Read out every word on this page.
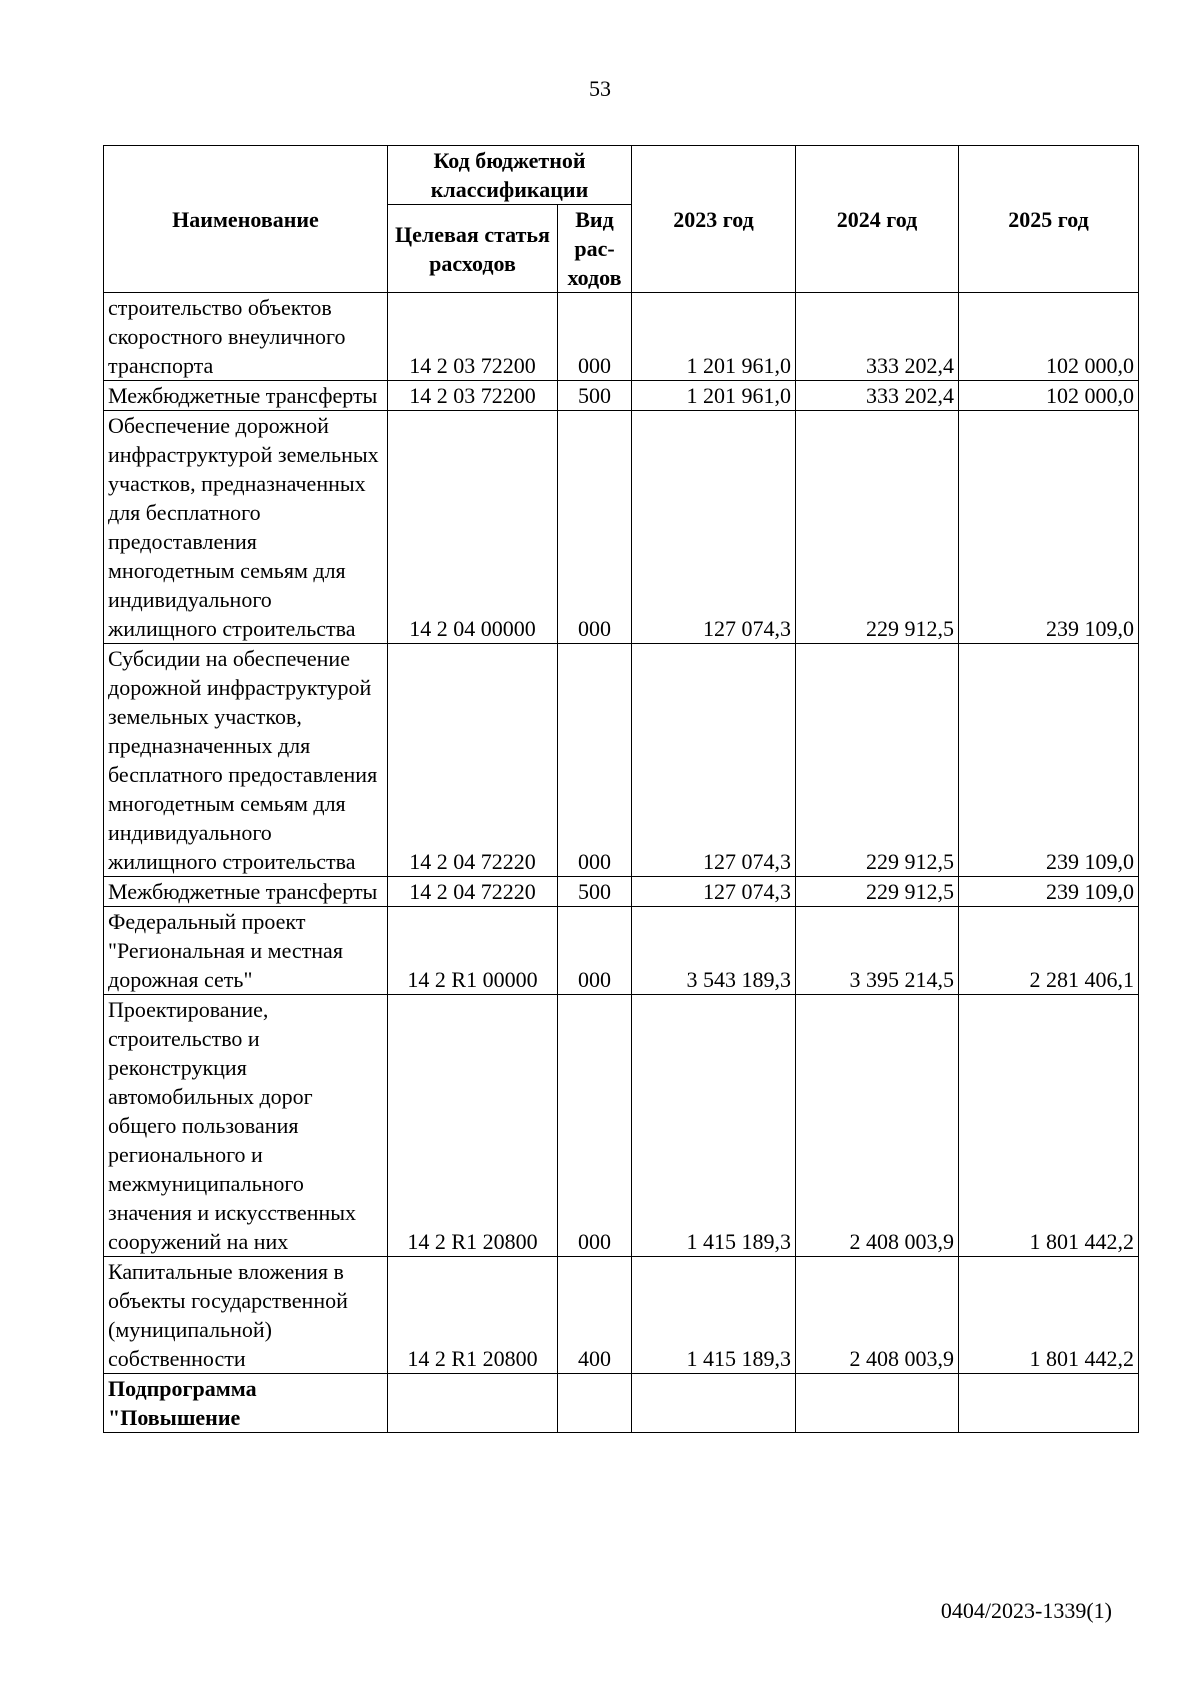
53
Наименование	Код бюджетной классификации		2023 год	2024 год	2025 год
	Целевая статья расходов	Вид рас-ходов			
строительство объектов скоростного внеуличного транспорта	14 2 03 72200	000	1 201 961,0	333 202,4	102 000,0
Межбюджетные трансферты	14 2 03 72200	500	1 201 961,0	333 202,4	102 000,0
Обеспечение дорожной инфраструктурой земельных участков, предназначенных для бесплатного предоставления многодетным семьям для индивидуального жилищного строительства	14 2 04 00000	000	127 074,3	229 912,5	239 109,0
Субсидии на обеспечение дорожной инфраструктурой земельных участков, предназначенных для бесплатного предоставления многодетным семьям для индивидуального жилищного строительства	14 2 04 72220	000	127 074,3	229 912,5	239 109,0
Межбюджетные трансферты	14 2 04 72220	500	127 074,3	229 912,5	239 109,0
Федеральный проект "Региональная и местная дорожная сеть"	14 2 R1 00000	000	3 543 189,3	3 395 214,5	2 281 406,1
Проектирование, строительство и реконструкция автомобильных дорог общего пользования регионального и межмуниципального значения и искусственных сооружений на них	14 2 R1 20800	000	1 415 189,3	2 408 003,9	1 801 442,2
Капитальные вложения в объекты государственной (муниципальной) собственности	14 2 R1 20800	400	1 415 189,3	2 408 003,9	1 801 442,2
Подпрограмма "Повышение					
0404/2023-1339(1)
